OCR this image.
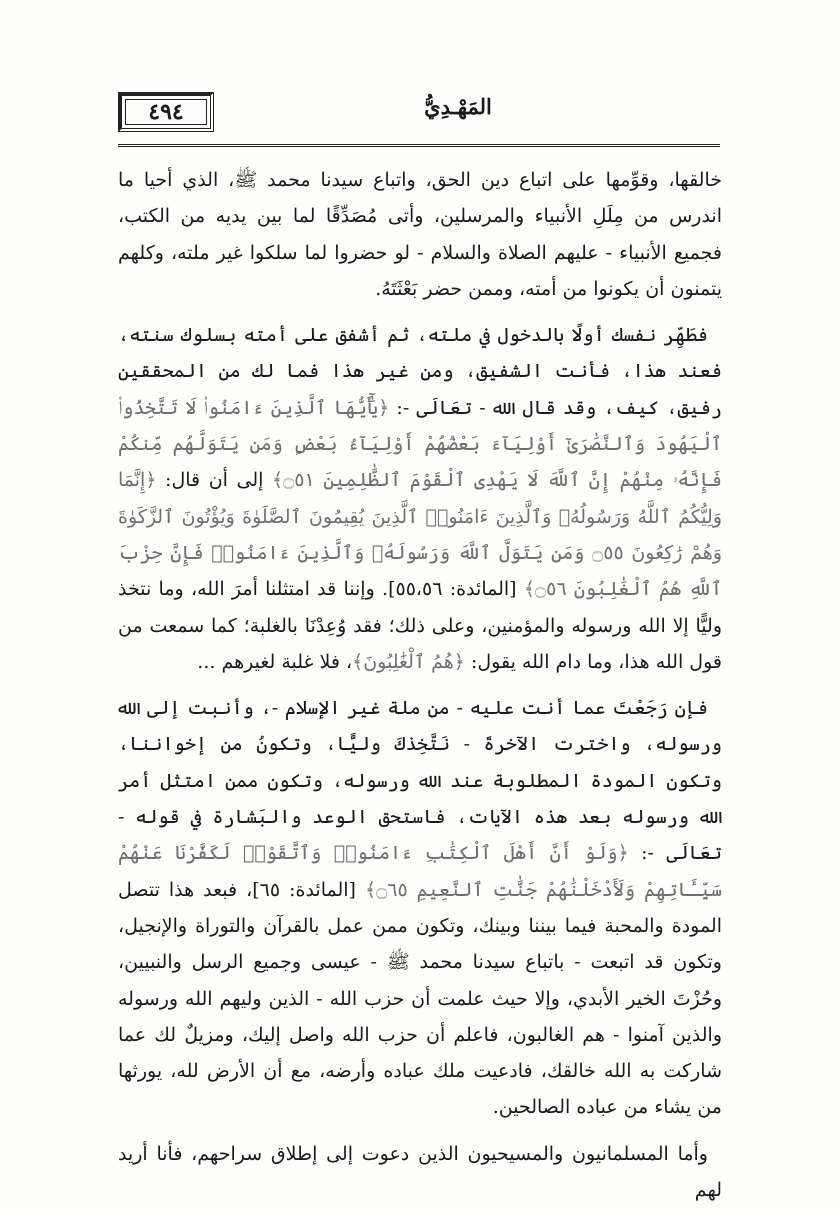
٤٩٤	المَهْـدِيُّ

خالقها، وقوِّمها على اتباع دين الحق، واتباع سيدنا محمد ﷺ، الذي أحيا ما اندرس من مِلَلِ الأنبياء والمرسلين، وأتى مُصَدِّقًا لما بين يديه من الكتب، فجميع الأنبياء - عليهم الصلاة والسلام - لو حضروا لما سلكوا غير ملته، وكلهم يتمنون أن يكونوا من أمته، وممن حضر بَعْثَتَهُ.

فطَهِّر نفسك أولًا بالدخول في ملته، ثم أشفق على أمته بسلوك سنته، فعند هذا، فأنت الشفيق، ومن غير هذا فما لك من المحققين رفيق، كيف، وقد قال الله - تعَالَى -: ﴿يَٰٓأَيُّهَا ٱلَّذِينَ ءَامَنُوا۟ لَا تَتَّخِذُوا۟ ٱلْيَهُودَ وَٱلنَّصَٰرَىٰٓ أَوْلِيَآءَ بَعْضُهُمْ أَوْلِيَآءُ بَعْضٍ وَمَن يَتَوَلَّهُم مِّنكُمْ فَإِنَّهُۥ مِنْهُمْ إِنَّ ٱللَّهَ لَا يَهْدِى ٱلْقَوْمَ ٱلظَّٰلِمِينَ ۝٥١﴾ إلى أن قال: ﴿إِنَّمَا وَلِيُّكُمُ ٱللَّهُ وَرَسُولُهُۥ وَٱلَّذِينَ ءَامَنُوا۟ ٱلَّذِينَ يُقِيمُونَ ٱلصَّلَوٰةَ وَيُؤْتُونَ ٱلزَّكَوٰةَ وَهُمْ رَٰكِعُونَ ۝٥٥ وَمَن يَتَوَلَّ ٱللَّهَ وَرَسُولَهُۥ وَٱلَّذِينَ ءَامَنُوا۟ فَإِنَّ حِزْبَ ٱللَّهِ هُمُ ٱلْغَٰلِبُونَ ۝٥٦﴾ [المائدة: ٥٥،٥٦]. وإننا قد امتثلنا أمرَ الله، وما نتخذ وليًّا إلا الله ورسوله والمؤمنين، وعلى ذلك؛ فقد وُعِدْنَا بالغلبة؛ كما سمعت من قول الله هذا، وما دام الله يقول: ﴿هُمُ ٱلْغَٰلِبُونَ﴾، فلا غلبة لغيرهم ...

فإن رَجَعْتَ عما أنت عليه - من ملة غير الإسلام -، وأنبت إلى الله ورسوله، واخترت الآخرةَ - نَتَّخِذكَ وليًّا، وتكونُ من إخواننا، وتكون المودة المطلوبة عند الله ورسوله، وتكون ممن امتثل أمر الله ورسوله بعد هذه الآيات، فاستحق الوعد والبَشارة في قوله - تعَالَى -: ﴿وَلَوْ أَنَّ أَهْلَ ٱلْكِتَٰبِ ءَامَنُوا۟ وَٱتَّقَوْا۟ لَكَفَّرْنَا عَنْهُمْ سَيِّـَٔاتِهِمْ وَلَأَدْخَلْنَٰهُمْ جَنَّٰتِ ٱلنَّعِيمِ ۝٦٥﴾ [المائدة: ٦٥]، فبعد هذا تتصل المودة والمحبة فيما بيننا وبينك، وتكون ممن عمل بالقرآن والتوراة والإنجيل، وتكون قد اتبعت - باتباع سيدنا محمد ﷺ - عيسى وجميع الرسل والنبيين، وحُزْتَ الخير الأبدي، وإلا حيث علمت أن حزب الله - الذين وليهم الله ورسوله والذين آمنوا - هم الغالبون، فاعلم أن حزب الله واصل إليك، ومزيلٌ لك عما شاركت به الله خالقك، فادعيت ملك عباده وأرضه، مع أن الأرض لله، يورثها من يشاء من عباده الصالحين.

وأما المسلمانيون والمسيحيون الذين دعوت إلى إطلاق سراحهم، فأنا أريد لهم
